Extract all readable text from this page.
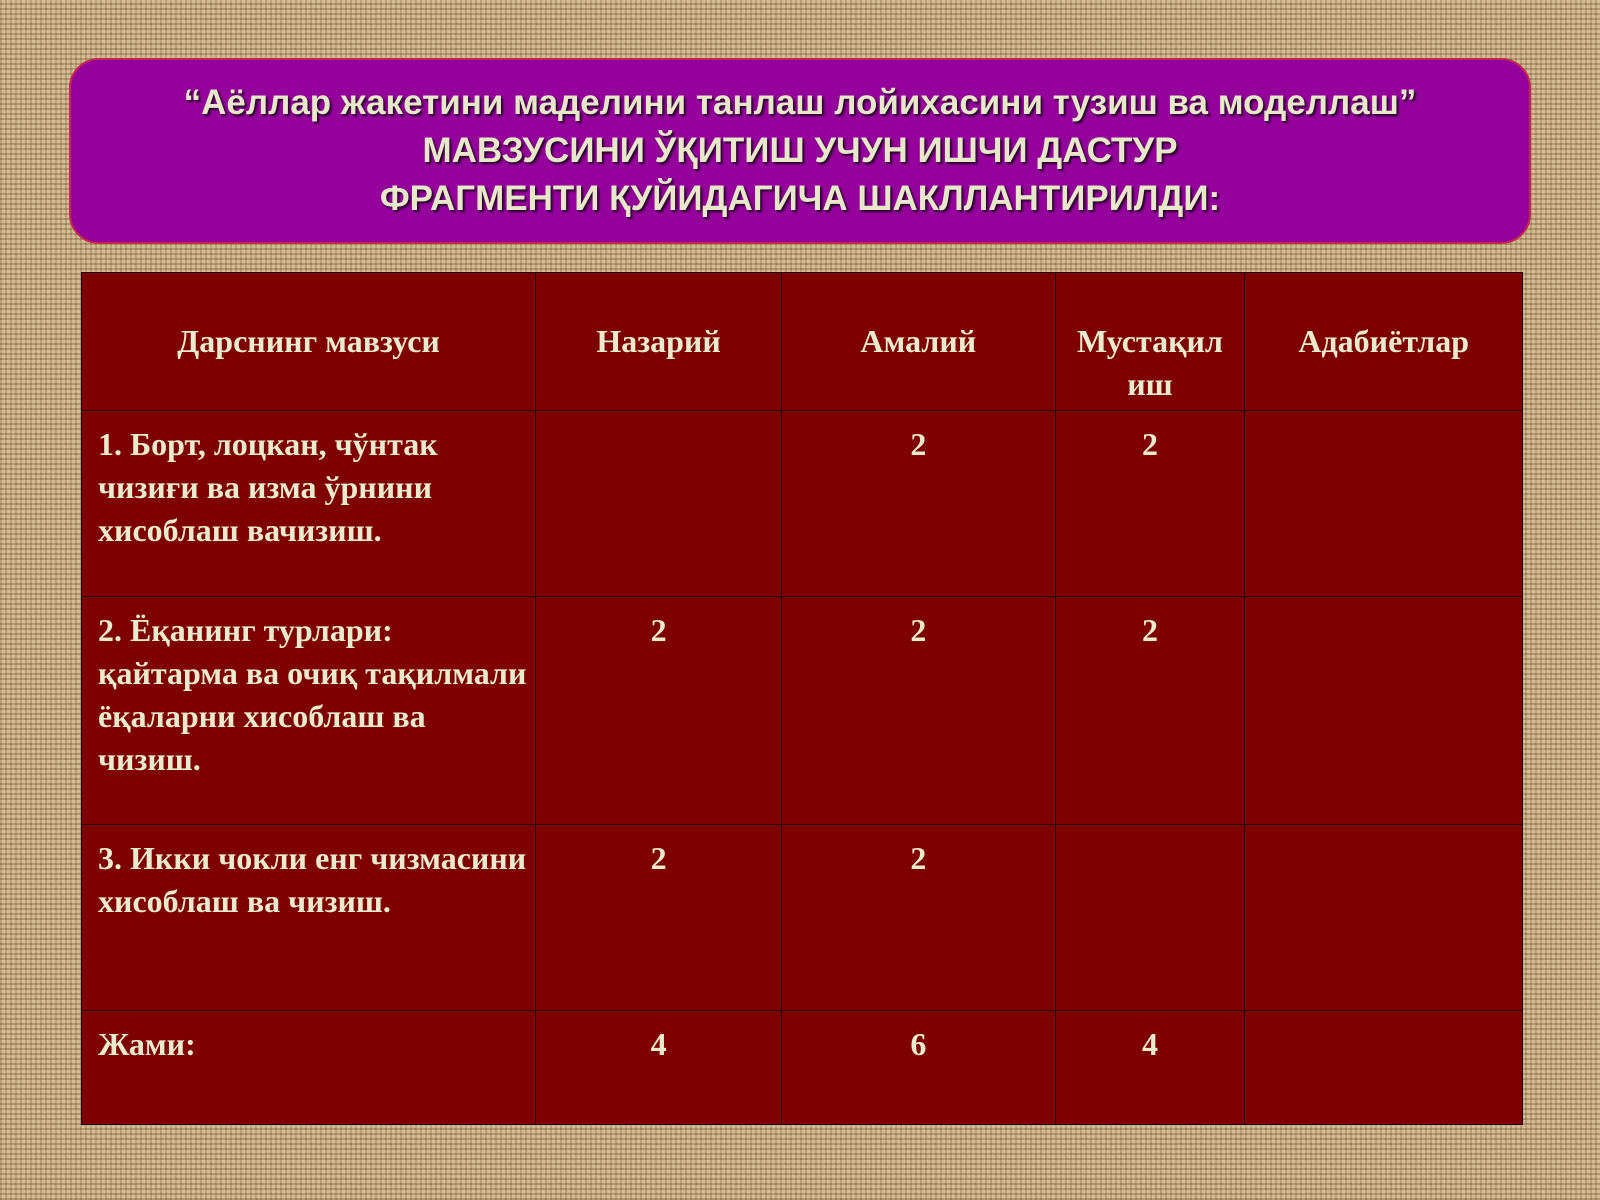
“Аёллар жакетини маделини танлаш лойихасини тузиш ва моделлаш”
МАВЗУСИНИ ЎҚИТИШ УЧУН ИШЧИ ДАСТУР
ФРАГМЕНТИ ҚУЙИДАГИЧА ШАКЛЛАНТИРИЛДИ:
Дарснинг мавзуси	Назарий	Амалий	Мустақил иш	Адабиётлар
1. Борт, лоцкан, чўнтак чизиғи ва изма ўрнини хисоблаш вачизиш.		2	2	
2. Ёқанинг турлари: қайтарма ва очиқ тақилмали ёқаларни хисоблаш ва чизиш.	2	2	2	
3. Икки чокли енг чизмасини хисоблаш ва чизиш.	2	2		
Жами:	4	6	4	
